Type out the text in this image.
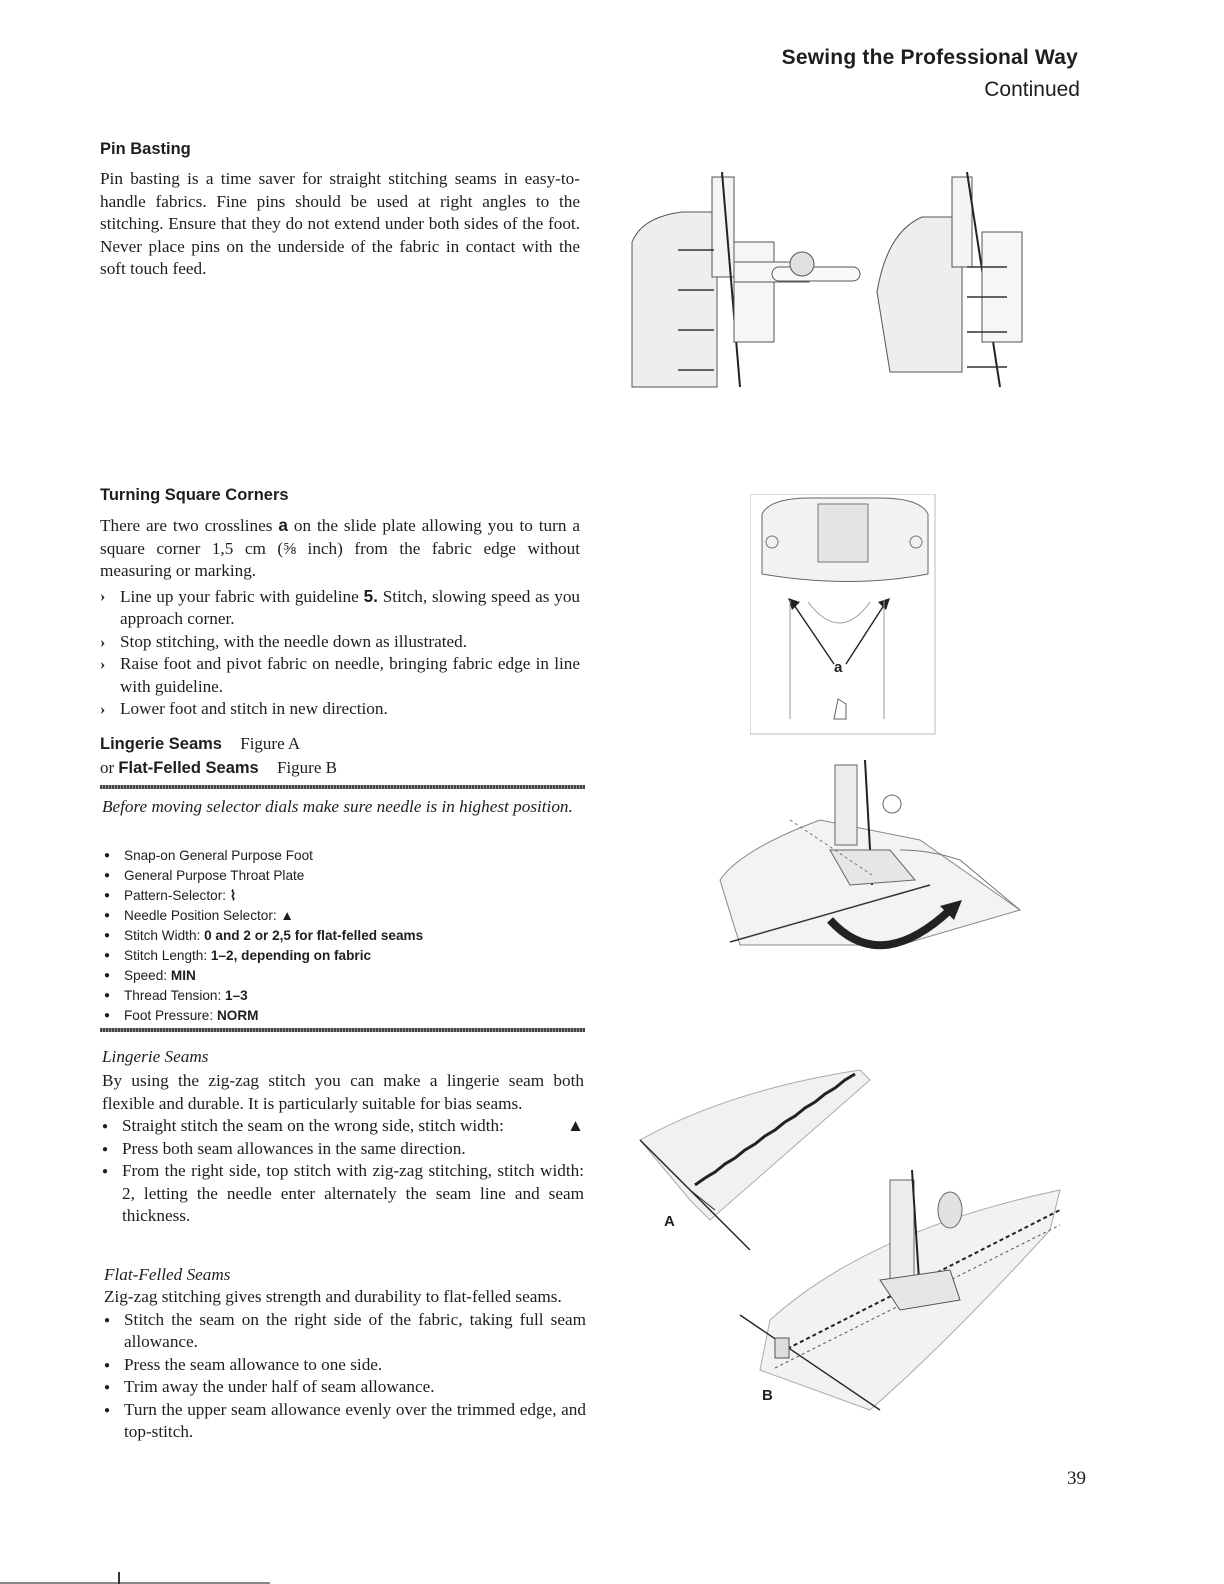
Sewing the Professional Way
Continued
Pin Basting

Pin basting is a time saver for straight stitching seams in easy-to-handle fabrics. Fine pins should be used at right angles to the stitching. Ensure that they do not extend under both sides of the foot. Never place pins on the underside of the fabric in contact with the soft touch feed.

Turning Square Corners

There are two crosslines a on the slide plate allowing you to turn a square corner 1,5 cm (⅝ inch) from the fabric edge without measuring or marking.

›
Line up your fabric with guideline 5. Stitch, slowing speed as you approach corner.
›
Stop stitching, with the needle down as illustrated.
›
Raise foot and pivot fabric on needle, bringing fabric edge in line with guideline.
›
Lower foot and stitch in new direction.
a
Lingerie Seams Figure A
or Flat-Felled Seams Figure B
Before moving selector dials make sure needle is in highest position.
●
Snap-on General Purpose Foot
●
General Purpose Throat Plate
●
Pattern-Selector: ⌇
●
Needle Position Selector: ▲
●
Stitch Width: 0 and 2 or 2,5 for flat-felled seams
●
Stitch Length: 1–2, depending on fabric
●
Speed: MIN
●
Thread Tension: 1–3
●
Foot Pressure: NORM
Lingerie Seams

By using the zig-zag stitch you can make a lingerie seam both flexible and durable. It is particularly suitable for bias seams.

●
Straight stitch the seam on the wrong side, stitch width:	▲
●
Press both seam allowances in the same direction.
●
From the right side, top stitch with zig-zag stitching, stitch width: 2, letting the needle enter alternately the seam line and seam thickness.
Flat-Felled Seams

Zig-zag stitching gives strength and durability to flat-felled seams.

●
Stitch the seam on the right side of the fabric, taking full seam allowance.
●
Press the seam allowance to one side.
●
Trim away the under half of seam allowance.
●
Turn the upper seam allowance evenly over the trimmed edge, and top-stitch.
A
B
39
